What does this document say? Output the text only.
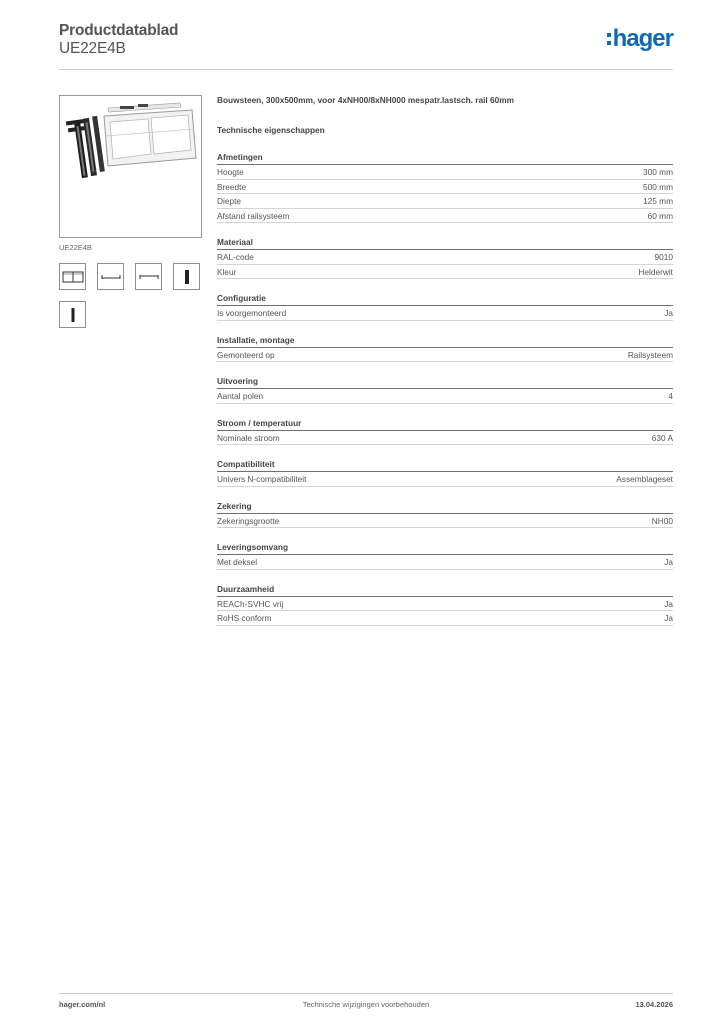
Productdatablad
UE22E4B	hager
UE22E4B
Bouwsteen, 300x500mm, voor 4xNH00/8xNH000 mespatr.lastsch. rail 60mm
Technische eigenschappen
Afmetingen
Hoogte	300 mm
Breedte	500 mm
Diepte	125 mm
Afstand railsysteem	60 mm
Materiaal
RAL-code	9010
Kleur	Helderwit
Configuratie
Is voorgemonteerd	Ja
Installatie, montage
Gemonteerd op	Railsysteem
Uitvoering
Aantal polen	4
Stroom / temperatuur
Nominale stroom	630 A
Compatibiliteit
Univers N-compatibiliteit	Assemblageset
Zekering
Zekeringsgrootte	NH00
Leveringsomvang
Met deksel	Ja
Duurzaamheid
REACh-SVHC vrij	Ja
RoHS conform	Ja
hager.com/nl	Technische wijzigingen voorbehouden	13.04.2026
